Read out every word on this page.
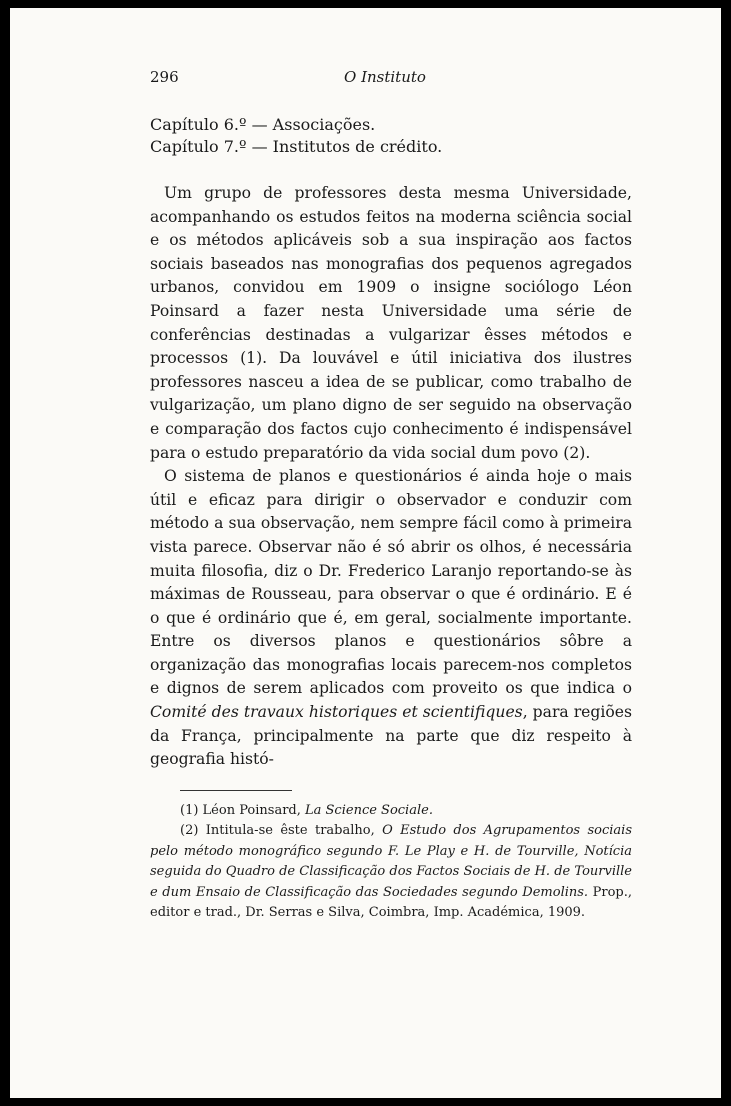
296	O Instituto
Capítulo 6.º — Associações.
Capítulo 7.º — Institutos de crédito.

Um grupo de professores desta mesma Universidade, acompanhando os estudos feitos na moderna sciência social e os métodos aplicáveis sob a sua inspiração aos factos sociais baseados nas monografias dos pequenos agregados urbanos, convidou em 1909 o insigne sociólogo Léon Poinsard a fazer nesta Universidade uma série de conferências destinadas a vulgarizar êsses métodos e processos (1). Da louvável e útil iniciativa dos ilustres professores nasceu a idea de se publicar, como trabalho de vulgarização, um plano digno de ser seguido na observação e comparação dos factos cujo conhecimento é indispensável para o estudo preparatório da vida social dum povo (2).

O sistema de planos e questionários é ainda hoje o mais útil e eficaz para dirigir o observador e conduzir com método a sua observação, nem sempre fácil como à primeira vista parece. Observar não é só abrir os olhos, é necessária muita filosofia, diz o Dr. Frederico Laranjo reportando-se às máximas de Rousseau, para observar o que é ordinário. E é o que é ordinário que é, em geral, socialmente importante. Entre os diversos planos e questionários sôbre a organização das monografias locais parecem-nos completos e dignos de serem aplicados com proveito os que indica o Comité des travaux historiques et scientifiques, para regiões da França, principalmente na parte que diz respeito à geografia histó-

(1) Léon Poinsard, La Science Sociale.

(2) Intitula-se êste trabalho, O Estudo dos Agrupamentos sociais pelo método monográfico segundo F. Le Play e H. de Tourville, Notícia seguida do Quadro de Classificação dos Factos Sociais de H. de Tourville e dum Ensaio de Classificação das Sociedades segundo Demolins. Prop., editor e trad., Dr. Serras e Silva, Coimbra, Imp. Académica, 1909.
